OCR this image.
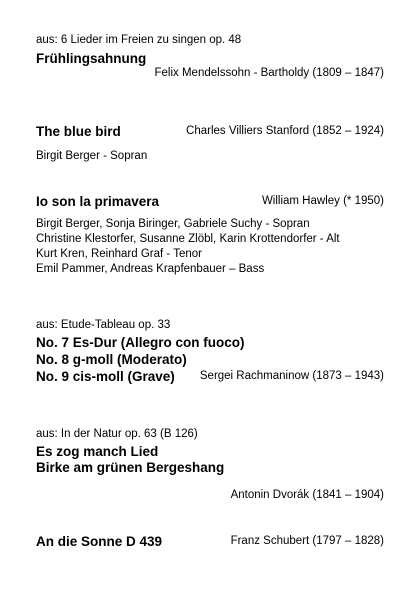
aus: 6 Lieder im Freien zu singen op. 48
Frühlingsahnung
Felix Mendelssohn - Bartholdy (1809 – 1847)
The blue bird	Charles Villiers Stanford (1852 – 1924)
Birgit Berger - Sopran
Io son la primavera	William Hawley (* 1950)
Birgit Berger, Sonja Biringer, Gabriele Suchy - Sopran
Christine Klestorfer, Susanne Zlöbl, Karin Krottendorfer - Alt
Kurt Kren, Reinhard Graf - Tenor
Emil Pammer, Andreas Krapfenbauer – Bass
aus: Etude-Tableau op. 33
No. 7 Es-Dur (Allegro con fuoco)
No. 8 g-moll (Moderato)
No. 9 cis-moll (Grave) Sergei Rachmaninow (1873 – 1943)
aus: In der Natur op. 63 (B 126)
Es zog manch Lied
Birke am grünen Bergeshang
Antonin Dvorák (1841 – 1904)
An die Sonne D 439	Franz Schubert (1797 – 1828)
